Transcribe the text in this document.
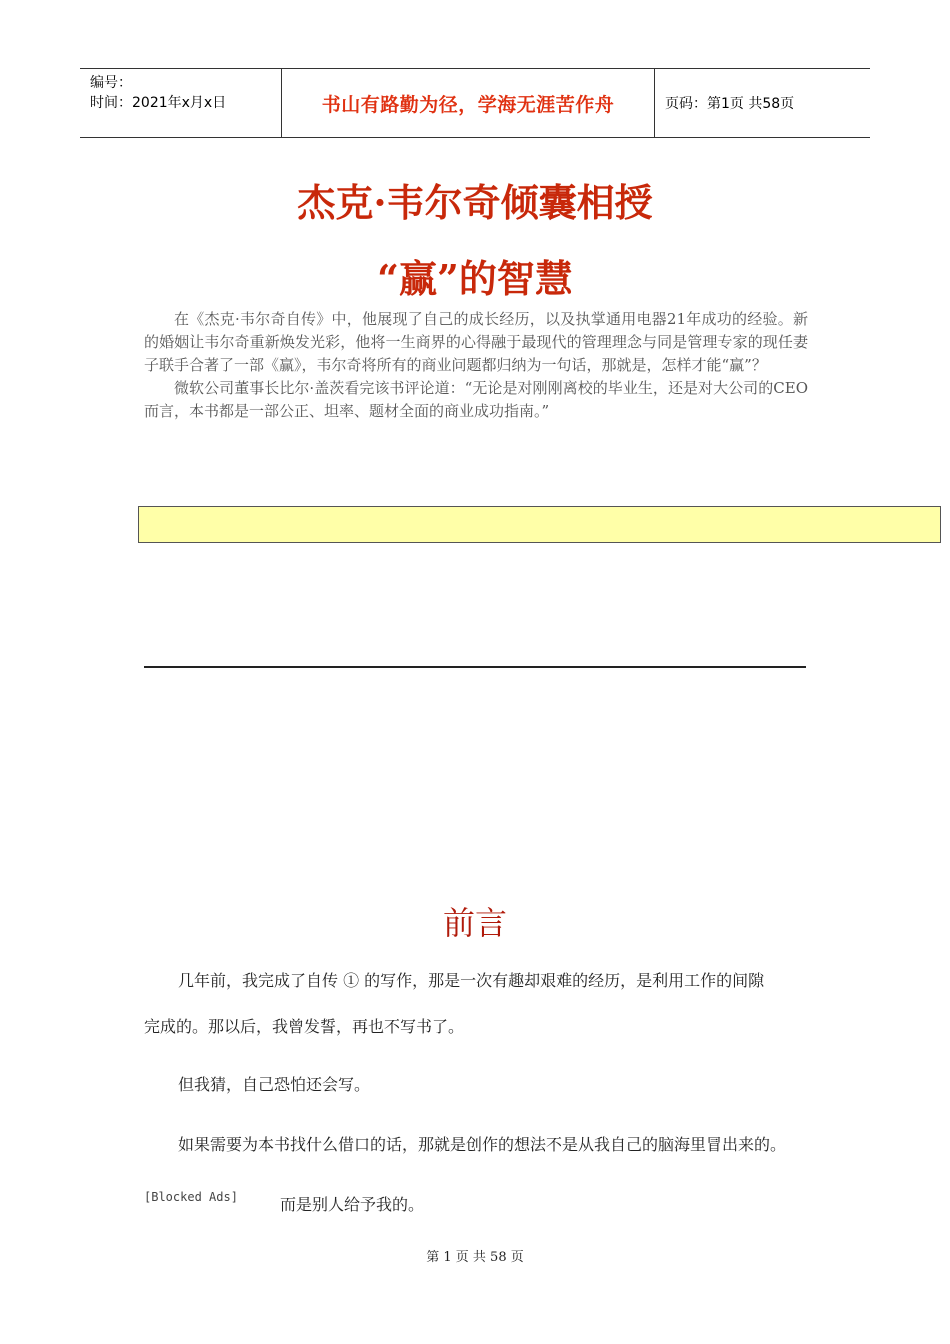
编号：
时间：2021年x月x日	书山有路勤为径，学海无涯苦作舟	页码：第1页 共58页
杰克·韦尔奇倾囊相授
“赢”的智慧

在《杰克·韦尔奇自传》中，他展现了自己的成长经历，以及执掌通用电器21年成功的经验。新的婚姻让韦尔奇重新焕发光彩，他将一生商界的心得融于最现代的管理理念与同是管理专家的现任妻子联手合著了一部《赢》，韦尔奇将所有的商业问题都归纳为一句话，那就是，怎样才能“赢”？

微软公司董事长比尔·盖茨看完该书评论道：“无论是对刚刚离校的毕业生，还是对大公司的CEO而言，本书都是一部公正、坦率、题材全面的商业成功指南。”

前言
几年前，我完成了自传 ① 的写作，那是一次有趣却艰难的经历，是利用工作的间隙
完成的。那以后，我曾发誓，再也不写书了。
但我猜，自己恐怕还会写。
如果需要为本书找什么借口的话，那就是创作的想法不是从我自己的脑海里冒出来的。
[Blocked Ads]	而是别人给予我的。
第 1 页 共 58 页
